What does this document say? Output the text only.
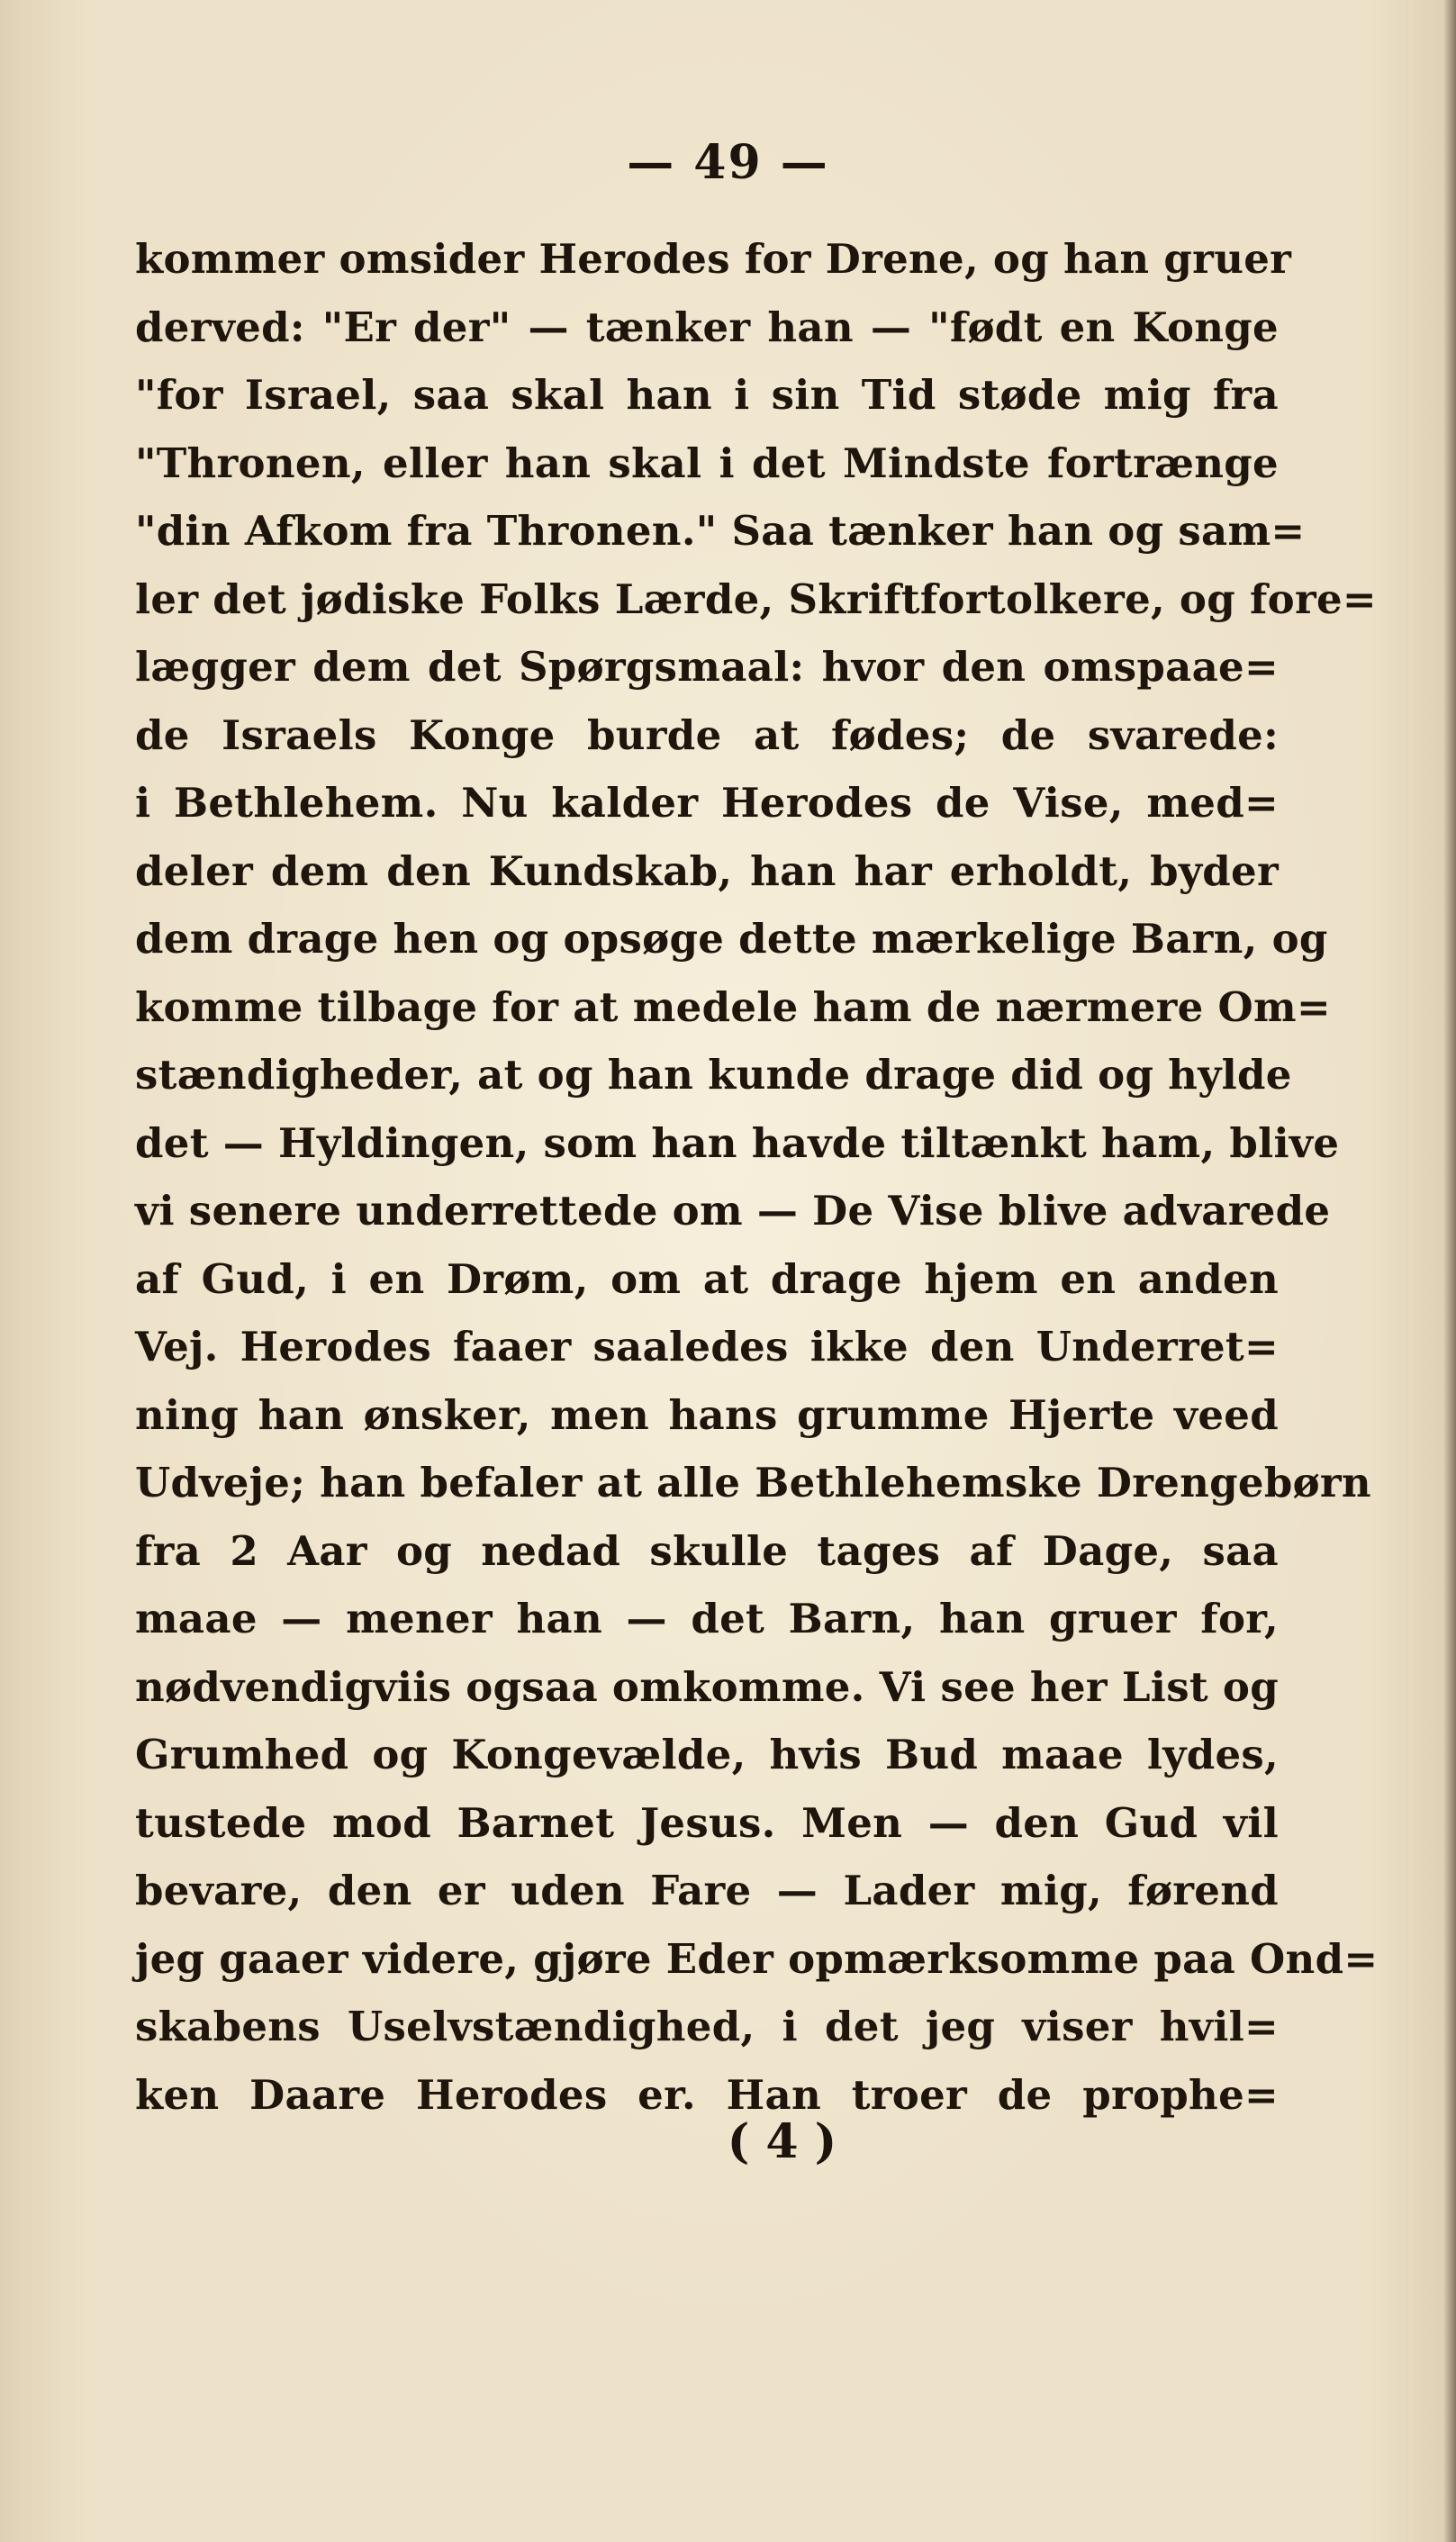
— 49 —
kommer omsider Herodes for Drene, og han gruer
derved: "Er der" — tænker han — "født en Konge
"for Israel, saa skal han i sin Tid støde mig fra
"Thronen, eller han skal i det Mindste fortrænge
"din Afkom fra Thronen." Saa tænker han og sam=
ler det jødiske Folks Lærde, Skriftfortolkere, og fore=
lægger dem det Spørgsmaal: hvor den omspaae=
de Israels Konge burde at fødes; de svarede:
i Bethlehem. Nu kalder Herodes de Vise, med=
deler dem den Kundskab, han har erholdt, byder
dem drage hen og opsøge dette mærkelige Barn, og
komme tilbage for at medele ham de nærmere Om=
stændigheder, at og han kunde drage did og hylde
det — Hyldingen, som han havde tiltænkt ham, blive
vi senere underrettede om — De Vise blive advarede
af Gud, i en Drøm, om at drage hjem en anden
Vej. Herodes faaer saaledes ikke den Underret=
ning han ønsker, men hans grumme Hjerte veed
Udveje; han befaler at alle Bethlehemske Drengebørn
fra 2 Aar og nedad skulle tages af Dage, saa
maae — mener han — det Barn, han gruer for,
nødvendigviis ogsaa omkomme. Vi see her List og
Grumhed og Kongevælde, hvis Bud maae lydes,
tustede mod Barnet Jesus. Men — den Gud vil
bevare, den er uden Fare — Lader mig, førend
jeg gaaer videre, gjøre Eder opmærksomme paa Ond=
skabens Uselvstændighed, i det jeg viser hvil=
ken Daare Herodes er. Han troer de prophe=
( 4 )
